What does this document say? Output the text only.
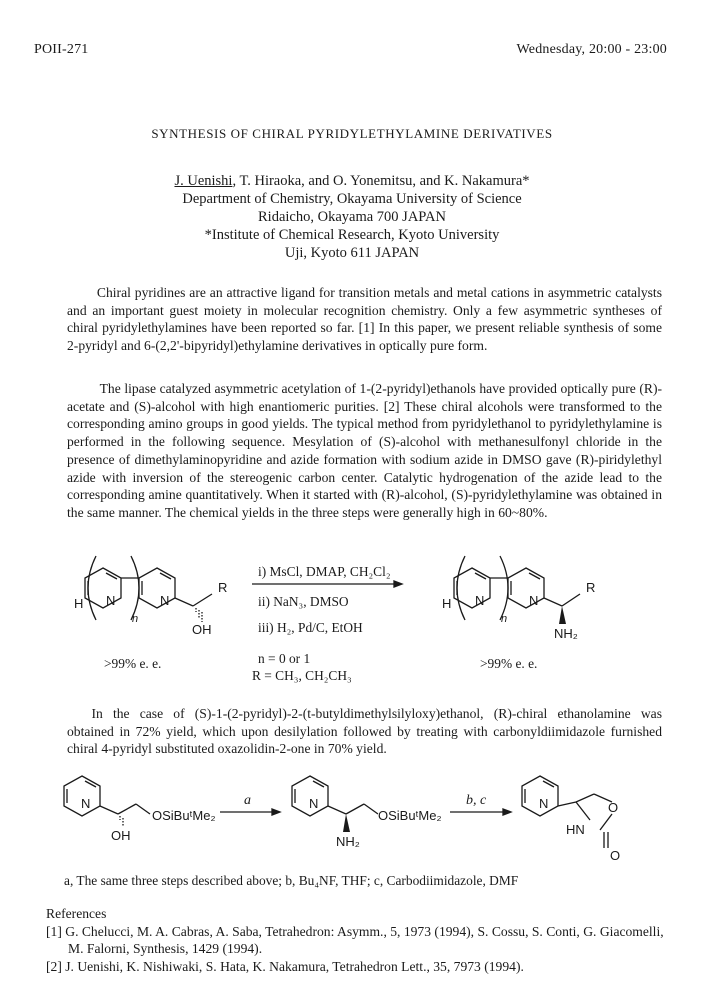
POII-271	Wednesday, 20:00 - 23:00
SYNTHESIS OF CHIRAL PYRIDYLETHYLAMINE DERIVATIVES
J. Uenishi, T. Hiraoka, and O. Yonemitsu, and K. Nakamura*
Department of Chemistry, Okayama University of Science
Ridaicho, Okayama 700 JAPAN
*Institute of Chemical Research, Kyoto University
Uji, Kyoto 611 JAPAN
Chiral pyridines are an attractive ligand for transition metals and metal cations in asymmetric catalysts and an important guest moiety in molecular recognition chemistry. Only a few asymmetric syntheses of chiral pyridylethylamines have been reported so far. [1] In this paper, we present reliable synthesis of some 2-pyridyl and 6-(2,2'-bipyridyl)ethylamine derivatives in optically pure form.
The lipase catalyzed asymmetric acetylation of 1-(2-pyridyl)ethanols have provided optically pure (R)-acetate and (S)-alcohol with high enantiomeric purities. [2] These chiral alcohols were transformed to the corresponding amino groups in good yields. The typical method from pyridylethanol to pyridylethylamine is performed in the following sequence. Mesylation of (S)-alcohol with methanesulfonyl chloride in the presence of dimethylaminopyridine and azide formation with sodium azide in DMSO gave (R)-piridylethyl azide with inversion of the stereogenic carbon center. Catalytic hydrogenation of the azide lead to the corresponding amine quantitatively. When it started with (R)-alcohol, (S)-pyridylethylamine was obtained in the same manner. The chemical yields in the three steps were generally high in 60~80%.
H N	N
n
R
OH
H N	N
n
R
NH₂
i) MsCl, DMAP, CH₂Cl₂
ii) NaN₃, DMSO
iii) H₂, Pd/C, EtOH
n = 0 or 1
>99% e. e.	>99% e. e.
R = CH₃, CH₂CH₃
In the case of (S)-1-(2-pyridyl)-2-(t-butyldimethylsilyloxy)ethanol, (R)-chiral ethanolamine was obtained in 72% yield, which upon desilylation followed by treating with carbonyldiimidazole furnished chiral 4-pyridyl substituted oxazolidin-2-one in 70% yield.
N
OH
OSiBuᵗMe₂
N
NH₂
OSiBuᵗMe₂
N	O
HN
O
a	b, c
a, The same three steps described above; b, Bu₄NF, THF; c, Carbodiimidazole, DMF
References
[1] G. Chelucci, M. A. Cabras, A. Saba, Tetrahedron: Asymm., 5, 1973 (1994), S. Cossu, S. Conti, G. Giacomelli, M. Falorni, Synthesis, 1429 (1994).
[2] J. Uenishi, K. Nishiwaki, S. Hata, K. Nakamura, Tetrahedron Lett., 35, 7973 (1994).
